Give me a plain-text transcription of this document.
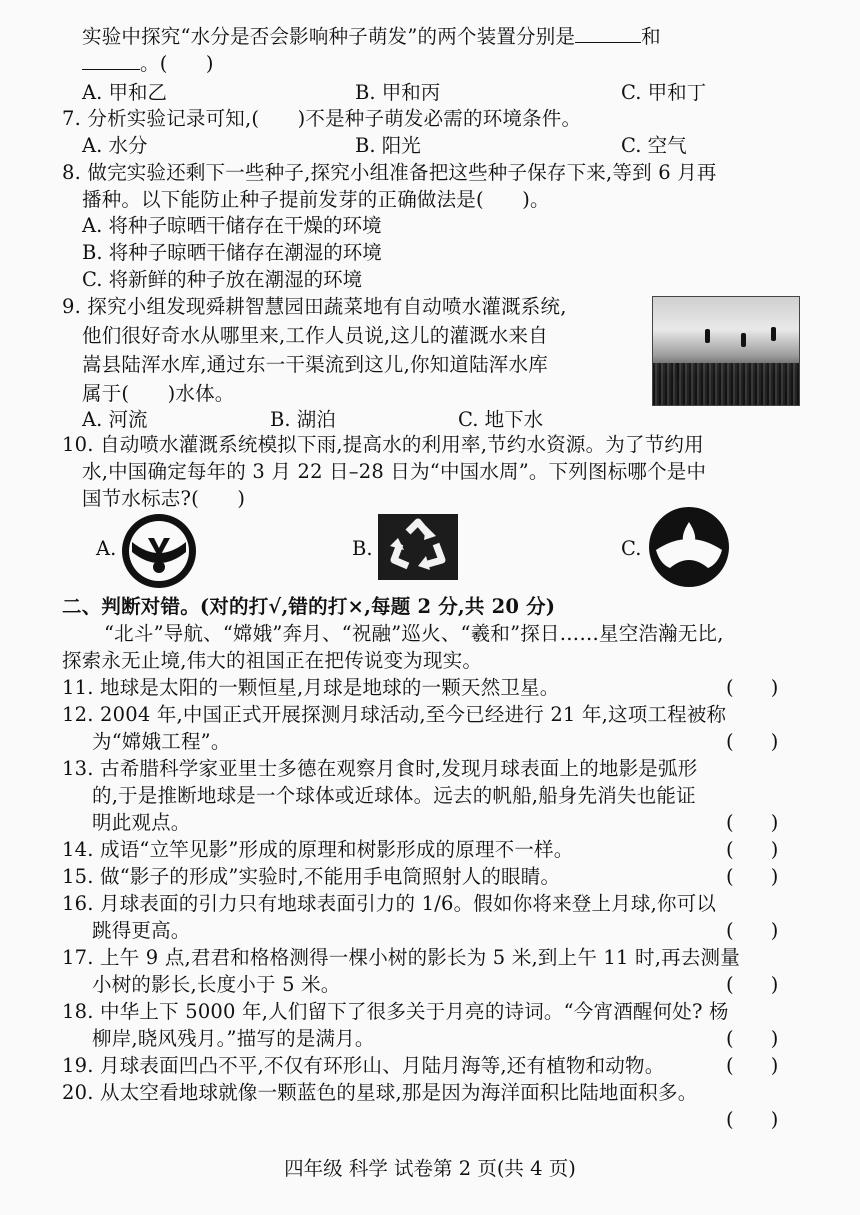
实验中探究“水分是否会影响种子萌发”的两个装置分别是	和
。(      )
A. 甲和乙	B. 甲和丙	C. 甲和丁
7. 分析实验记录可知,(      )不是种子萌发必需的环境条件。
A. 水分	B. 阳光	C. 空气
8. 做完实验还剩下一些种子,探究小组准备把这些种子保存下来,等到 6 月再
播种。以下能防止种子提前发芽的正确做法是(      )。
A. 将种子晾晒干储存在干燥的环境
B. 将种子晾晒干储存在潮湿的环境
C. 将新鲜的种子放在潮湿的环境
9. 探究小组发现舜耕智慧园田蔬菜地有自动喷水灌溉系统,
他们很好奇水从哪里来,工作人员说,这儿的灌溉水来自
嵩县陆浑水库,通过东一干渠流到这儿,你知道陆浑水库
属于(      )水体。
A. 河流	B. 湖泊	C. 地下水
10. 自动喷水灌溉系统模拟下雨,提高水的利用率,节约水资源。为了节约用
水,中国确定每年的 3 月 22 日–28 日为“中国水周”。下列图标哪个是中
国节水标志?(      )
A.	B.	C.
二、判断对错。(对的打√,错的打×,每题 2 分,共 20 分)
“北斗”导航、“嫦娥”奔月、“祝融”巡火、“羲和”探日……星空浩瀚无比,
探索永无止境,伟大的祖国正在把传说变为现实。
11. 地球是太阳的一颗恒星,月球是地球的一颗天然卫星。	(      )
12. 2004 年,中国正式开展探测月球活动,至今已经进行 21 年,这项工程被称
为“嫦娥工程”。	(      )
13. 古希腊科学家亚里士多德在观察月食时,发现月球表面上的地影是弧形
的,于是推断地球是一个球体或近球体。远去的帆船,船身先消失也能证
明此观点。	(      )
14. 成语“立竿见影”形成的原理和树影形成的原理不一样。	(      )
15. 做“影子的形成”实验时,不能用手电筒照射人的眼睛。	(      )
16. 月球表面的引力只有地球表面引力的 1/6。假如你将来登上月球,你可以
跳得更高。	(      )
17. 上午 9 点,君君和格格测得一棵小树的影长为 5 米,到上午 11 时,再去测量
小树的影长,长度小于 5 米。	(      )
18. 中华上下 5000 年,人们留下了很多关于月亮的诗词。“今宵酒醒何处? 杨
柳岸,晓风残月。”描写的是满月。	(      )
19. 月球表面凹凸不平,不仅有环形山、月陆月海等,还有植物和动物。	(      )
20. 从太空看地球就像一颗蓝色的星球,那是因为海洋面积比陆地面积多。
(      )
四年级 科学 试卷第 2 页(共 4 页)
